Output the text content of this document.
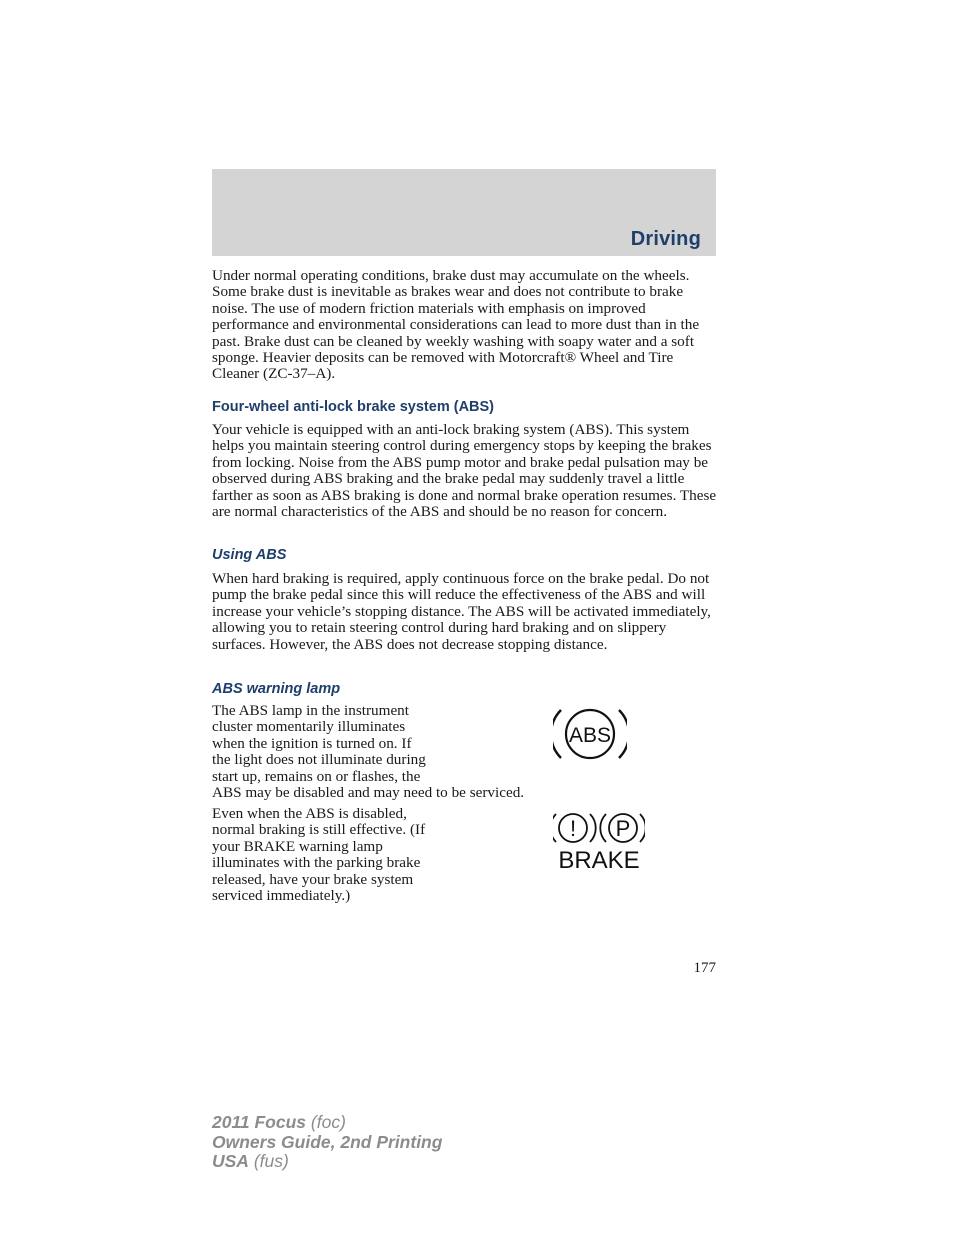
Driving

Under normal operating conditions, brake dust may accumulate on the wheels. Some brake dust is inevitable as brakes wear and does not contribute to brake noise. The use of modern friction materials with emphasis on improved performance and environmental considerations can lead to more dust than in the past. Brake dust can be cleaned by weekly washing with soapy water and a soft sponge. Heavier deposits can be removed with Motorcraft® Wheel and Tire Cleaner (ZC-37–A).

Four-wheel anti-lock brake system (ABS)

Your vehicle is equipped with an anti-lock braking system (ABS). This system helps you maintain steering control during emergency stops by keeping the brakes from locking. Noise from the ABS pump motor and brake pedal pulsation may be observed during ABS braking and the brake pedal may suddenly travel a little farther as soon as ABS braking is done and normal brake operation resumes. These are normal characteristics of the ABS and should be no reason for concern.

Using ABS

When hard braking is required, apply continuous force on the brake pedal. Do not pump the brake pedal since this will reduce the effectiveness of the ABS and will increase your vehicle’s stopping distance. The ABS will be activated immediately, allowing you to retain steering control during hard braking and on slippery surfaces. However, the ABS does not decrease stopping distance.

ABS warning lamp
The ABS lamp in the instrument
cluster momentarily illuminates
when the ignition is turned on. If
the light does not illuminate during
start up, remains on or flashes, the
ABS may be disabled and may need to be serviced.
ABS
Even when the ABS is disabled,
normal braking is still effective. (If
your BRAKE warning lamp
illuminates with the parking brake
released, have your brake system
serviced immediately.)
! P
BRAKE
177
2011 Focus (foc)
Owners Guide, 2nd Printing
USA (fus)
